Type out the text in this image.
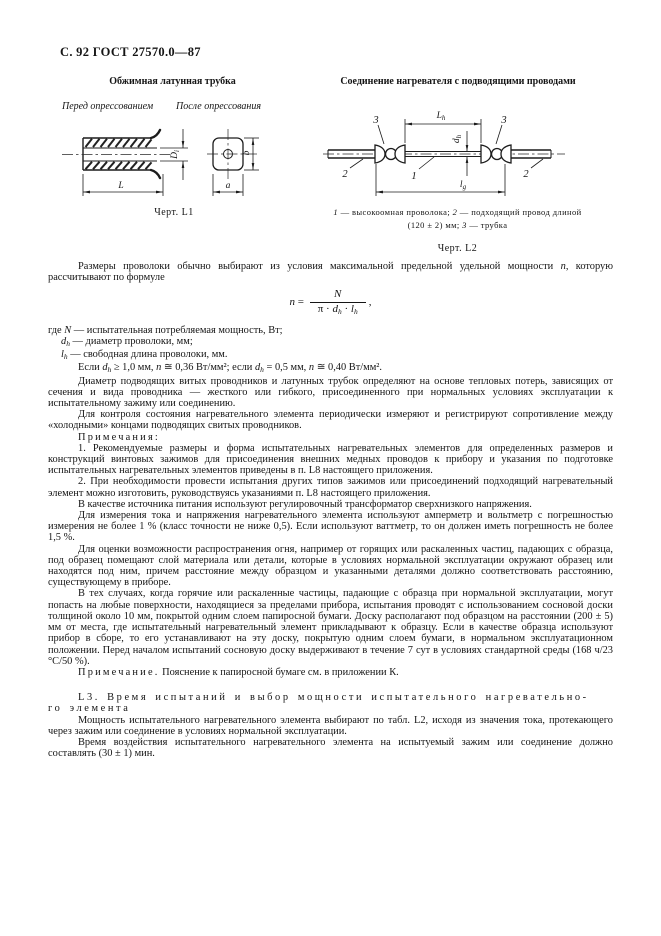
С. 92 ГОСТ 27570.0—87
Обжимная латунная трубка	Соединение нагревателя с подводящими проводами
Перед опрессованием После опрессования
$D_i$
L
b
a
Черт. L1
$L_h$
$d_h$
$l_g$
3	3
2	1	2
1 — высокоомная проволока; 2 — подходящий провод длиной
(120 ± 2) мм; 3 — трубка
Черт. L2

Размеры проволоки обычно выбирают из условия максимальной предельной удельной мощности n, которую рассчитывают по формуле

$n = \frac{N}{\pi \cdot d_h \cdot l_h}$ ,
где N — испытательная потребляемая мощность, Вт;
$d_h$ — диаметр проволоки, мм;
$l_h$ — свободная длина проволоки, мм.
Если $d_h \ge 1,0$ мм, n ≅ 0,36 Вт/мм²; если $d_h = 0,5$ мм, n ≅ 0,40 Вт/мм².

Диаметр подводящих витых проводников и латунных трубок определяют на основе тепловых потерь, зависящих от сечения и вида проводника — жесткого или гибкого, присоединенного при нормальных условиях эксплуатации к испытательному зажиму или соединению.

Для контроля состояния нагревательного элемента периодически измеряют и регистрируют сопротивление между «холодными» концами подводящих свитых проводников.

Примечания:

1. Рекомендуемые размеры и форма испытательных нагревательных элементов для определенных размеров и конструкций винтовых зажимов для присоединения внешних медных проводов к прибору и указания по подготовке испытательных нагревательных элементов приведены в п. L8 настоящего приложения.

2. При необходимости провести испытания других типов зажимов или присоединений подходящий нагревательный элемент можно изготовить, руководствуясь указаниями п. L8 настоящего приложения.

В качестве источника питания используют регулировочный трансформатор сверхнизкого напряжения.

Для измерения тока и напряжения нагревательного элемента используют амперметр и вольтметр с погрешностью измерения не более 1 % (класс точности не ниже 0,5). Если используют ваттметр, то он должен иметь погрешность не более 1,5 %.

Для оценки возможности распространения огня, например от горящих или раскаленных частиц, падающих с образца, под образец помещают слой материала или детали, которые в условиях нормальной эксплуатации окружают образец или находятся под ним, причем расстояние между образцом и указанными деталями должно соответствовать расстоянию, существующему в приборе.

В тех случаях, когда горячие или раскаленные частицы, падающие с образца при нормальной эксплуатации, могут попасть на любые поверхности, находящиеся за пределами прибора, испытания проводят с использованием сосновой доски толщиной около 10 мм, покрытой одним слоем папиросной бумаги. Доску располагают под образцом на расстоянии (200 ± 5) мм от места, где испытательный нагревательный элемент прикладывают к образцу. Если в качестве образца используют прибор в сборе, то его устанавливают на эту доску, покрытую одним слоем бумаги, в нормальном эксплуатационном положении. Перед началом испытаний сосновую доску выдерживают в течение 7 сут в условиях стандартной среды (168 ч/23 °С/50 %).

Примечание. Пояснение к папиросной бумаге см. в приложении К.

L3. Время испытаний и выбор мощности испытательного нагревательно-
го элемента

Мощность испытательного нагревательного элемента выбирают по табл. L2, исходя из значения тока, протекающего через зажим или соединение в условиях нормальной эксплуатации.

Время воздействия испытательного нагревательного элемента на испытуемый зажим или соединение должно составлять (30 ± 1) мин.
